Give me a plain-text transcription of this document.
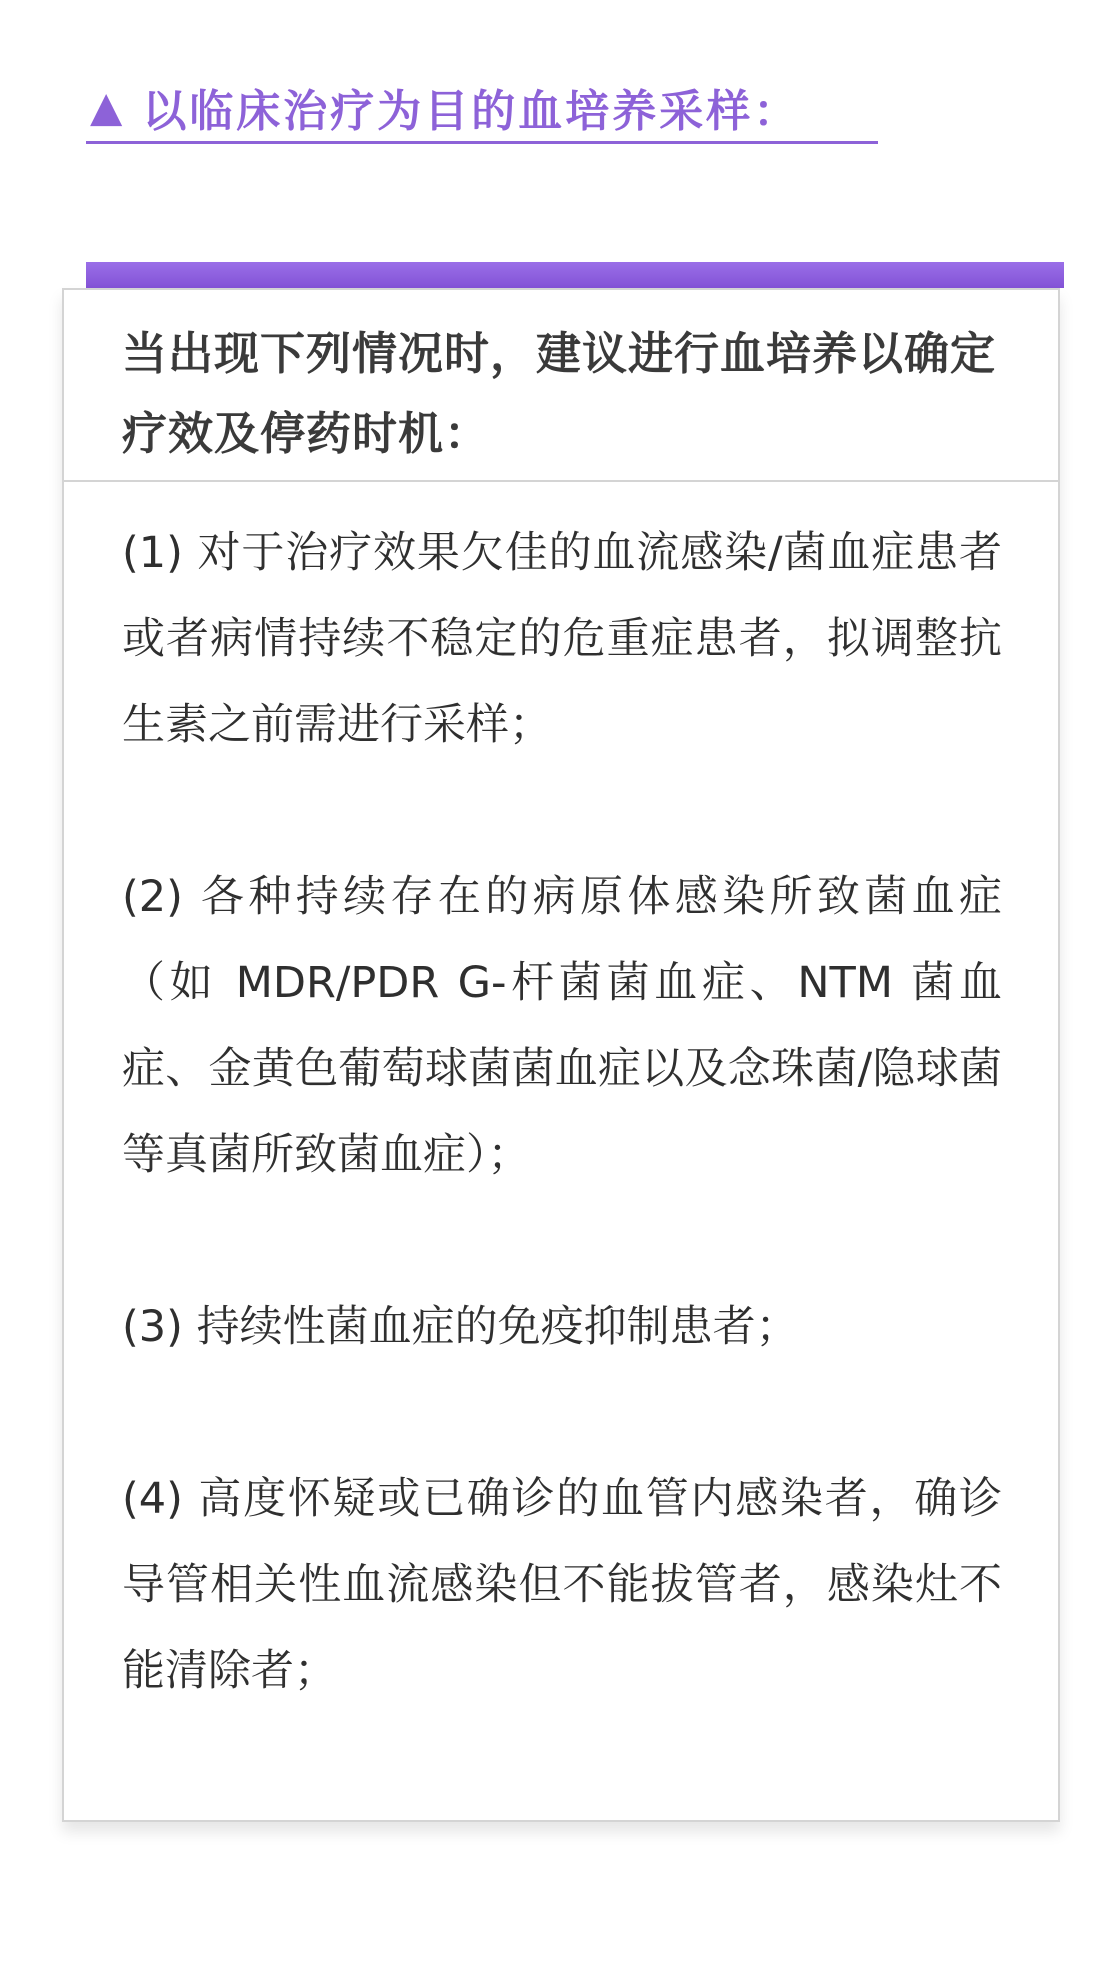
▲ 以临床治疗为目的血培养采样：
当出现下列情况时，建议进行血培养以确定疗效及停药时机：

(1) 对于治疗效果欠佳的血流感染/菌血症患者或者病情持续不稳定的危重症患者，拟调整抗生素之前需进行采样；

(2) 各种持续存在的病原体感染所致菌血症（如 MDR/PDR G-杆菌菌血症、NTM 菌血症、金黄色葡萄球菌菌血症以及念珠菌/隐球菌等真菌所致菌血症）；

(3) 持续性菌血症的免疫抑制患者；

(4) 高度怀疑或已确诊的血管内感染者，确诊导管相关性血流感染但不能拔管者，感染灶不能清除者；
